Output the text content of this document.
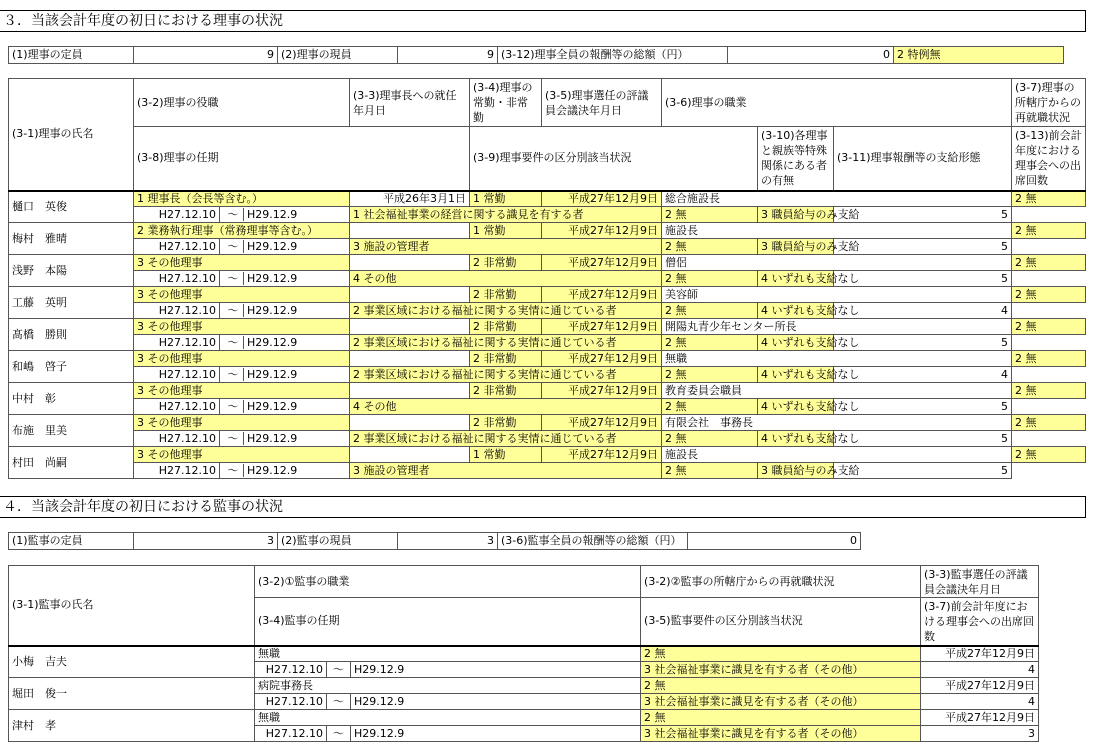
３．当該会計年度の初日における理事の状況
(1)理事の定員	9	(2)理事の現員	9	(3-12)理事全員の報酬等の総額（円）	0	2 特例無
(3-1)理事の氏名	(3-2)理事の役職		(3-3)理事長への就任年月日	(3-4)理事の常勤・非常勤	(3-5)理事選任の評議員会議決年月日	(3-6)理事の職業			(3-7)理事の所轄庁からの再就職状況
	(3-8)理事の任期			(3-9)理事要件の区分別該当状況			(3-10)各理事と親族等特殊関係にある者の有無	(3-11)理事報酬等の支給形態	(3-13)前会計年度における理事会への出席回数
樋口　英俊	1 理事長（会長等含む。）		平成26年3月1日	1 常勤	平成27年12月9日	総合施設長			2 無
	H27.12.10	～ H29.12.9	1 社会福祉事業の経営に関する識見を有する者			2 無	3 職員給与のみ支給	5	
梅村　雅晴	2 業務執行理事（常務理事等含む。）			1 常勤	平成27年12月9日	施設長			2 無
	H27.12.10	～ H29.12.9	3 施設の管理者			2 無	3 職員給与のみ支給	5	
浅野　本陽	3 その他理事			2 非常勤	平成27年12月9日	僧侶			2 無
	H27.12.10	～ H29.12.9	4 その他			2 無	4 いずれも支給なし	5	
工藤　英明	3 その他理事			2 非常勤	平成27年12月9日	美容師			2 無
	H27.12.10	～ H29.12.9	2 事業区域における福祉に関する実情に通じている者			2 無	4 いずれも支給なし	4	
髙橋　勝則	3 その他理事			2 非常勤	平成27年12月9日	開陽丸青少年センター所長			2 無
	H27.12.10	～ H29.12.9	2 事業区域における福祉に関する実情に通じている者			2 無	4 いずれも支給なし	5	
和嶋　啓子	3 その他理事			2 非常勤	平成27年12月9日	無職			2 無
	H27.12.10	～ H29.12.9	2 事業区域における福祉に関する実情に通じている者			2 無	4 いずれも支給なし	4	
中村　彰	3 その他理事			2 非常勤	平成27年12月9日	教育委員会職員			2 無
	H27.12.10	～ H29.12.9	4 その他			2 無	4 いずれも支給なし	5	
布施　里美	3 その他理事			2 非常勤	平成27年12月9日	有限会社　事務長			2 無
	H27.12.10	～ H29.12.9	2 事業区域における福祉に関する実情に通じている者			2 無	4 いずれも支給なし	5	
村田　尚嗣	3 その他理事			1 常勤	平成27年12月9日	施設長			2 無
	H27.12.10	～ H29.12.9	3 施設の管理者			2 無	3 職員給与のみ支給	5	
４．当該会計年度の初日における監事の状況
(1)監事の定員	3	(2)監事の現員	3	(3-6)監事全員の報酬等の総額（円）	0
(3-1)監事の氏名	(3-2)①監事の職業			(3-2)②監事の所轄庁からの再就職状況	(3-3)監事選任の評議員会議決年月日
	(3-4)監事の任期			(3-5)監事要件の区分別該当状況	(3-7)前会計年度における理事会への出席回数
小梅　吉夫	無職			2 無	平成27年12月9日
	H27.12.10	～	H29.12.9	3 社会福祉事業に識見を有する者（その他）	4
堀田　俊一	病院事務長			2 無	平成27年12月9日
	H27.12.10	～	H29.12.9	3 社会福祉事業に識見を有する者（その他）	4
津村　孝	無職			2 無	平成27年12月9日
	H27.12.10	～	H29.12.9	3 社会福祉事業に識見を有する者（その他）	3
